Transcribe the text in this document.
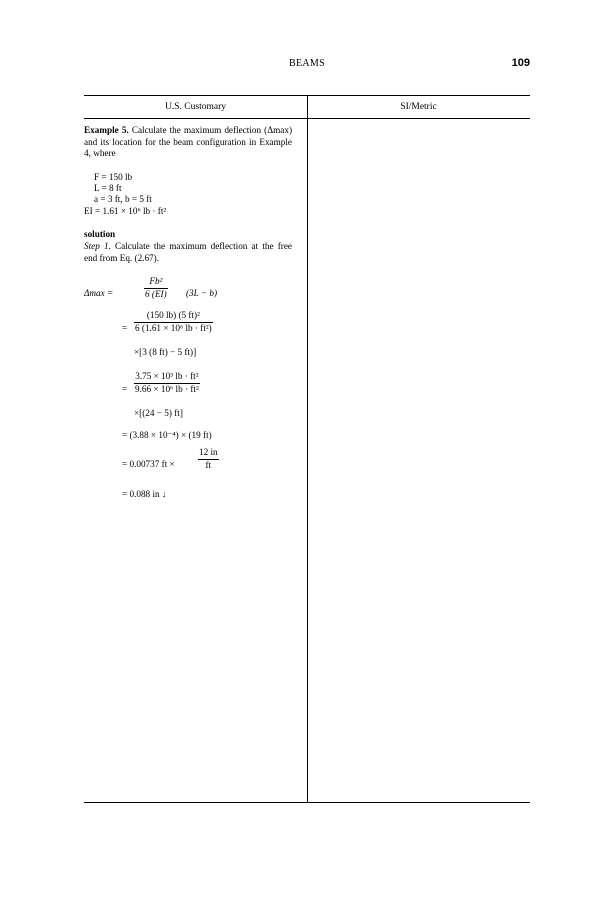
BEAMS	109
U.S. Customary	SI/Metric
Example 5. Calculate the maximum deflection (Δmax) and its location for the beam configuration in Example 4, where
F = 150 lb
L = 8 ft
a = 3 ft, b = 5 ft
EI = 1.61 × 10⁶ lb · ft²
solution
Step 1. Calculate the maximum deflection at the free end from Eq. (2.67).
Δmax =	$\frac{\text{Fb²}}{6 (EI)} (3L - b)$
= $\frac{\text{(150 lb) (5 ft)²}}{\text{6 (1.61 × 10⁶ lb · ft²)}}$
×[3 (8 ft) − 5 ft)]
= $\frac{\text{3.75 × 10³ lb · ft²}}{\text{9.66 × 10⁶ lb · ft²}}$
×[(24 − 5) ft]
= (3.88 × 10⁻⁴) × (19 ft)
= 0.00737 ft ×	$\frac{12 in}{ft}$
= 0.088 in ↓
